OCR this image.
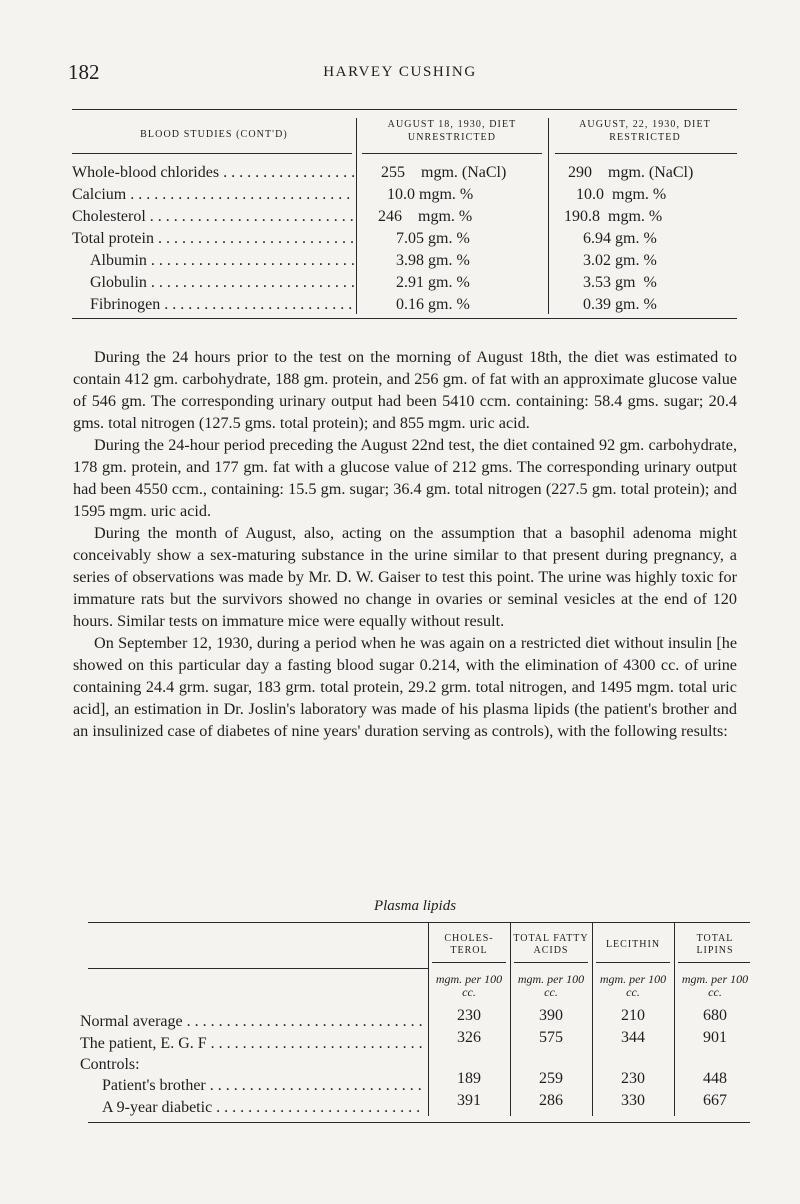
182	HARVEY CUSHING
BLOOD STUDIES (CONT'D)
AUGUST 18, 1930, DIET UNRESTRICTED
AUGUST, 22, 1930, DIET RESTRICTED
Whole-blood chlorides . . .	255    mgm. (NaCl)	290    mgm. (NaCl)
Calcium . . .	10.0 mgm. %	10.0  mgm. %
Cholesterol . . .	246    mgm. %	190.8  mgm. %
Total protein . . .	7.05 gm. %	6.94 gm. %
Albumin . . .	3.98 gm. %	3.02 gm. %
Globulin . . .	2.91 gm. %	3.53 gm  %
Fibrinogen . . .	0.16 gm. %	0.39 gm. %

During the 24 hours prior to the test on the morning of August 18th, the diet was estimated to contain 412 gm. carbohydrate, 188 gm. protein, and 256 gm. of fat with an approximate glucose value of 546 gm. The corresponding urinary output had been 5410 ccm. containing: 58.4 gms. sugar; 20.4 gms. total nitrogen (127.5 gms. total protein); and 855 mgm. uric acid.

During the 24-hour period preceding the August 22nd test, the diet contained 92 gm. carbohydrate, 178 gm. protein, and 177 gm. fat with a glucose value of 212 gms. The corresponding urinary output had been 4550 ccm., containing: 15.5 gm. sugar; 36.4 gm. total nitrogen (227.5 gm. total protein); and 1595 mgm. uric acid.

During the month of August, also, acting on the assumption that a basophil adenoma might conceivably show a sex-maturing substance in the urine similar to that present during pregnancy, a series of observations was made by Mr. D. W. Gaiser to test this point. The urine was highly toxic for immature rats but the survivors showed no change in ovaries or seminal vesicles at the end of 120 hours. Similar tests on immature mice were equally without result.

On September 12, 1930, during a period when he was again on a restricted diet without insulin [he showed on this particular day a fasting blood sugar 0.214, with the elimination of 4300 cc. of urine containing 24.4 grm. sugar, 183 grm. total protein, 29.2 grm. total nitrogen, and 1495 mgm. total uric acid], an estimation in Dr. Joslin's laboratory was made of his plasma lipids (the patient's brother and an insulinized case of diabetes of nine years' duration serving as controls), with the following results:

Plasma lipids
CHOLES-TEROL
TOTAL FATTY ACIDS
LECITHIN
TOTAL LIPINS
mgm. per 100 cc.
mgm. per 100 cc.
mgm. per 100 cc.
mgm. per 100 cc.
Normal average . . .	230	390	210	680
The patient, E. G. F . . .	326	575	344	901
Controls:
Patient's brother . . .	189	259	230	448
A 9-year diabetic . . .	391	286	330	667
